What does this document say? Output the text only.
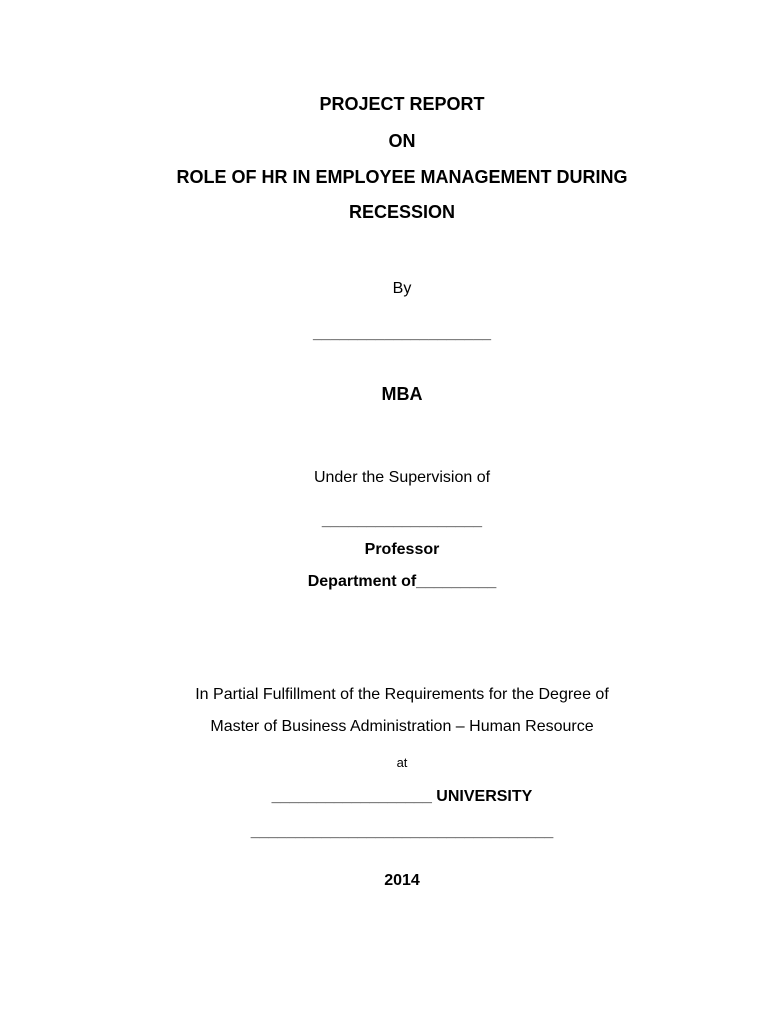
PROJECT REPORT
ON
ROLE OF HR IN EMPLOYEE MANAGEMENT DURING
RECESSION
By
____________________
MBA
Under the Supervision of
__________________
Professor
Department of_________
In Partial Fulfillment of the Requirements for the Degree of
Master of Business Administration – Human Resource
at
__________________ UNIVERSITY
__________________________________
2014
